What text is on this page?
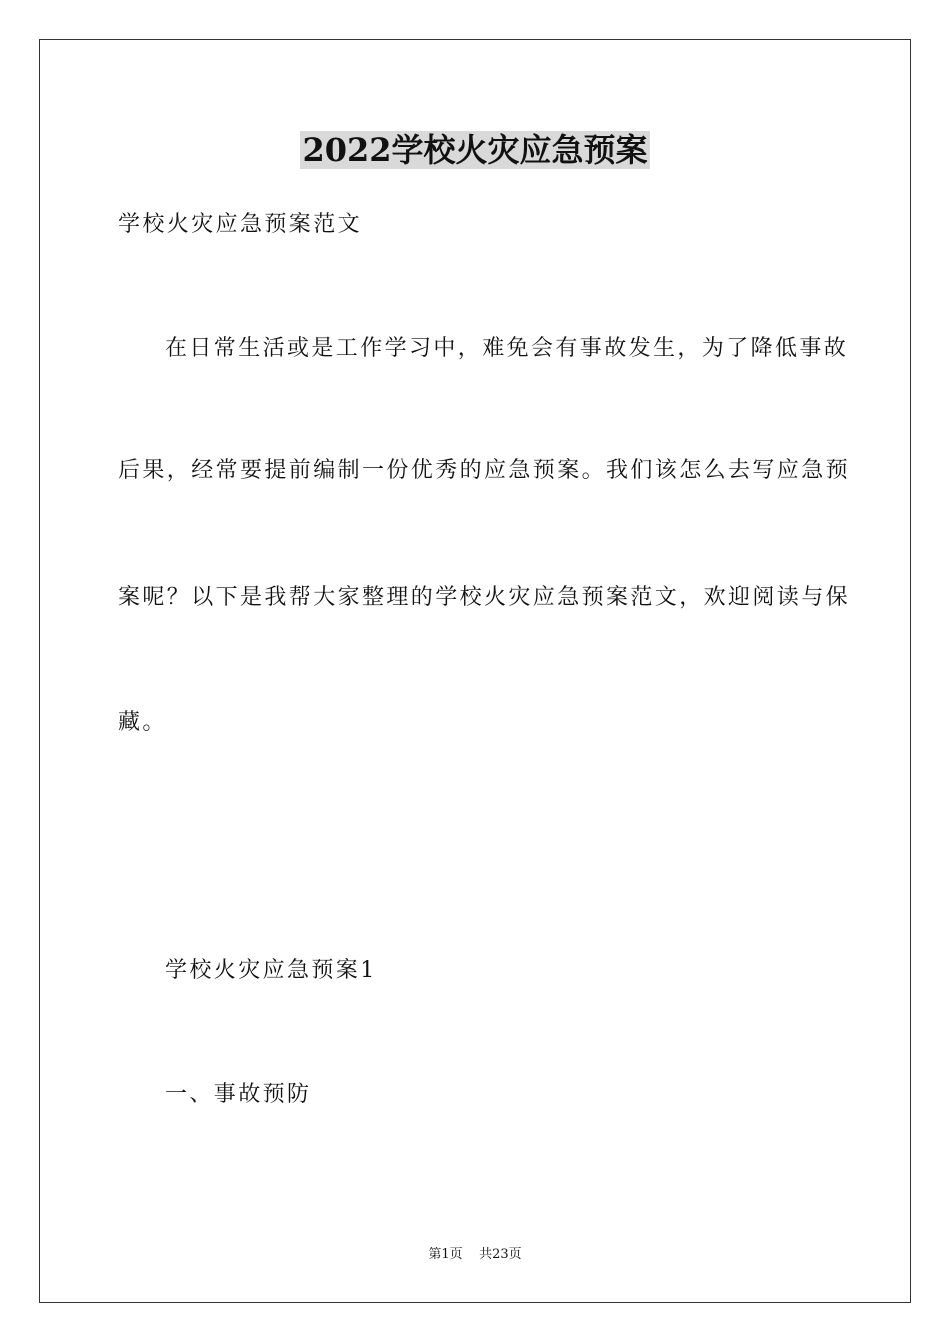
2022学校火灾应急预案
学校火灾应急预案范文
在日常生活或是工作学习中，难免会有事故发生，为了降低事故
后果，经常要提前编制一份优秀的应急预案。我们该怎么去写应急预
案呢？以下是我帮大家整理的学校火灾应急预案范文，欢迎阅读与保
藏。
学校火灾应急预案1
一、事故预防
第1页    共23页
